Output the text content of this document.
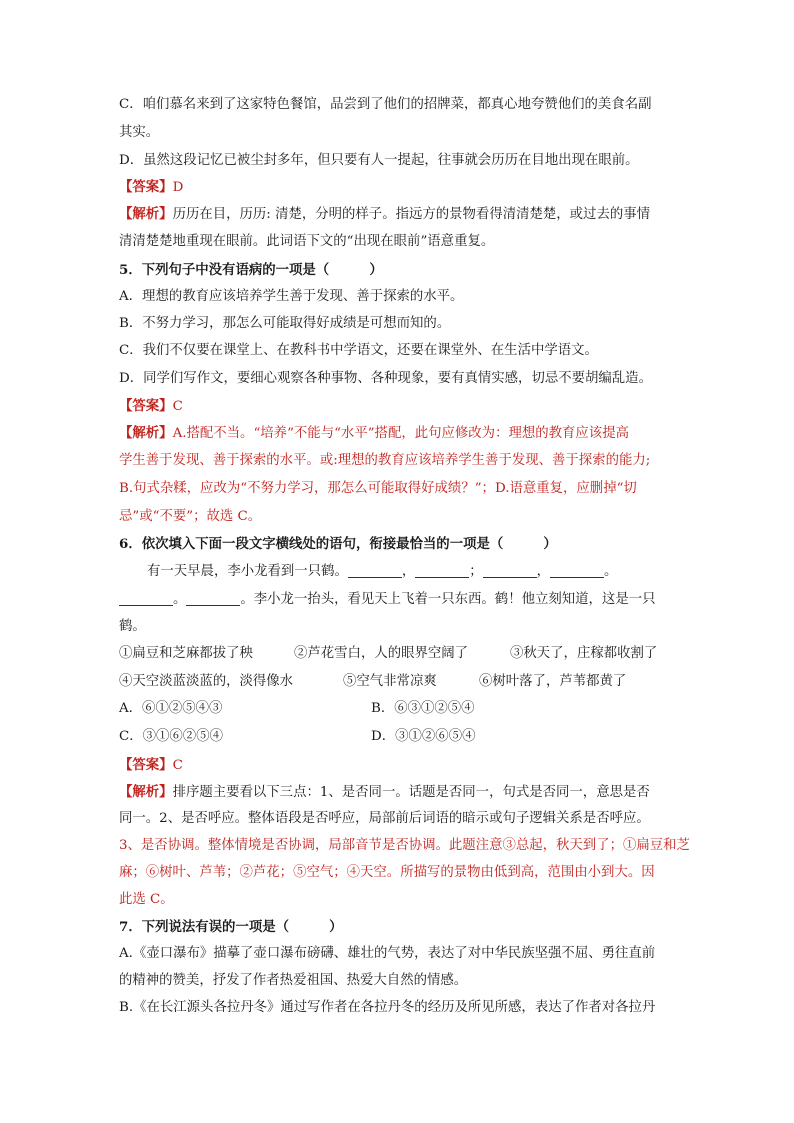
C．咱们慕名来到了这家特色餐馆，品尝到了他们的招牌菜，都真心地夸赞他们的美食名副
其实。
D．虽然这段记忆已被尘封多年，但只要有人一提起，往事就会历历在目地出现在眼前。
【答案】D
【解析】历历在目，历历: 清楚，分明的样子。指远方的景物看得清清楚楚，或过去的事情
清清楚楚地重现在眼前。此词语下文的“出现在眼前”语意重复。
5．下列句子中没有语病的一项是（　　　）
A．理想的教育应该培养学生善于发现、善于探索的水平。
B．不努力学习，那怎么可能取得好成绩是可想而知的。
C．我们不仅要在课堂上、在教科书中学语文，还要在课堂外、在生活中学语文。
D．同学们写作文，要细心观察各种事物、各种现象，要有真情实感，切忌不要胡编乱造。
【答案】C
【解析】A.搭配不当。“培养”不能与“水平”搭配，此句应修改为：理想的教育应该提高
学生善于发现、善于探索的水平。或:理想的教育应该培养学生善于发现、善于探索的能力;
B.句式杂糅，应改为“不努力学习，那怎么可能取得好成绩？”；D.语意重复，应删掉“切
忌”或“不要”；故选 C。
6．依次填入下面一段文字横线处的语句，衔接最恰当的一项是（　　　）
有一天早晨，李小龙看到一只鹤。	，	；	，	。
。	。李小龙一抬头，看见天上飞着一只东西。鹤！他立刻知道，这是一只
鹤。
①扁豆和芝麻都拔了秧	②芦花雪白，人的眼界空阔了	③秋天了，庄稼都收割了
④天空淡蓝淡蓝的，淡得像水	⑤空气非常凉爽	⑥树叶落了，芦苇都黄了
A．⑥①②⑤④③	B．⑥③①②⑤④
C．③①⑥②⑤④	D．③①②⑥⑤④
【答案】C
【解析】排序题主要看以下三点：1、是否同一。话题是否同一，句式是否同一，意思是否
同一。2、是否呼应。整体语段是否呼应，局部前后词语的暗示或句子逻辑关系是否呼应。
3、是否协调。整体情境是否协调，局部音节是否协调。此题注意③总起，秋天到了；①扁豆和芝
麻；⑥树叶、芦苇；②芦花；⑤空气；④天空。所描写的景物由低到高，范围由小到大。因
此选 C。
7．下列说法有误的一项是（　　　）
A.《壶口瀑布》描摹了壶口瀑布磅礴、雄壮的气势，表达了对中华民族坚强不屈、勇往直前
的精神的赞美，抒发了作者热爱祖国、热爱大自然的情感。
B.《在长江源头各拉丹冬》通过写作者在各拉丹冬的经历及所见所感，表达了作者对各拉丹
